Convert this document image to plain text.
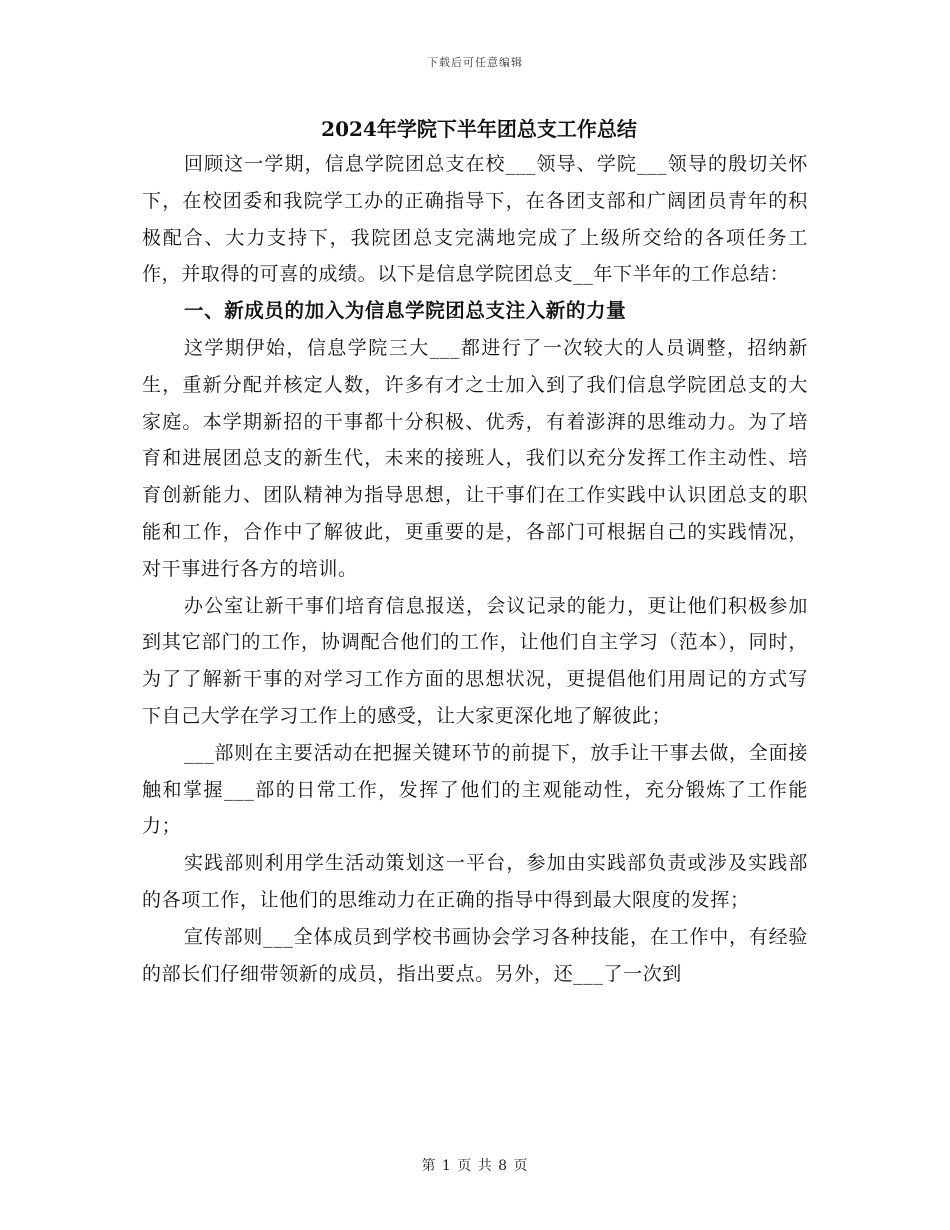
下载后可任意编辑

2024年学院下半年团总支工作总结

回顾这一学期，信息学院团总支在校___领导、学院___领导的殷切关怀下，在校团委和我院学工办的正确指导下，在各团支部和广阔团员青年的积极配合、大力支持下，我院团总支完满地完成了上级所交给的各项任务工作，并取得的可喜的成绩。以下是信息学院团总支__年下半年的工作总结：

一、新成员的加入为信息学院团总支注入新的力量

这学期伊始，信息学院三大___都进行了一次较大的人员调整，招纳新生，重新分配并核定人数，许多有才之士加入到了我们信息学院团总支的大家庭。本学期新招的干事都十分积极、优秀，有着澎湃的思维动力。为了培育和进展团总支的新生代，未来的接班人，我们以充分发挥工作主动性、培育创新能力、团队精神为指导思想，让干事们在工作实践中认识团总支的职能和工作，合作中了解彼此，更重要的是，各部门可根据自己的实践情况，对干事进行各方的培训。

办公室让新干事们培育信息报送，会议记录的能力，更让他们积极参加到其它部门的工作，协调配合他们的工作，让他们自主学习（范本），同时，为了了解新干事的对学习工作方面的思想状况，更提倡他们用周记的方式写下自己大学在学习工作上的感受，让大家更深化地了解彼此；

___部则在主要活动在把握关键环节的前提下，放手让干事去做，全面接触和掌握___部的日常工作，发挥了他们的主观能动性，充分锻炼了工作能力；

实践部则利用学生活动策划这一平台，参加由实践部负责或涉及实践部的各项工作，让他们的思维动力在正确的指导中得到最大限度的发挥；

宣传部则___全体成员到学校书画协会学习各种技能，在工作中，有经验的部长们仔细带领新的成员，指出要点。另外，还___了一次到

第 1 页 共 8 页
